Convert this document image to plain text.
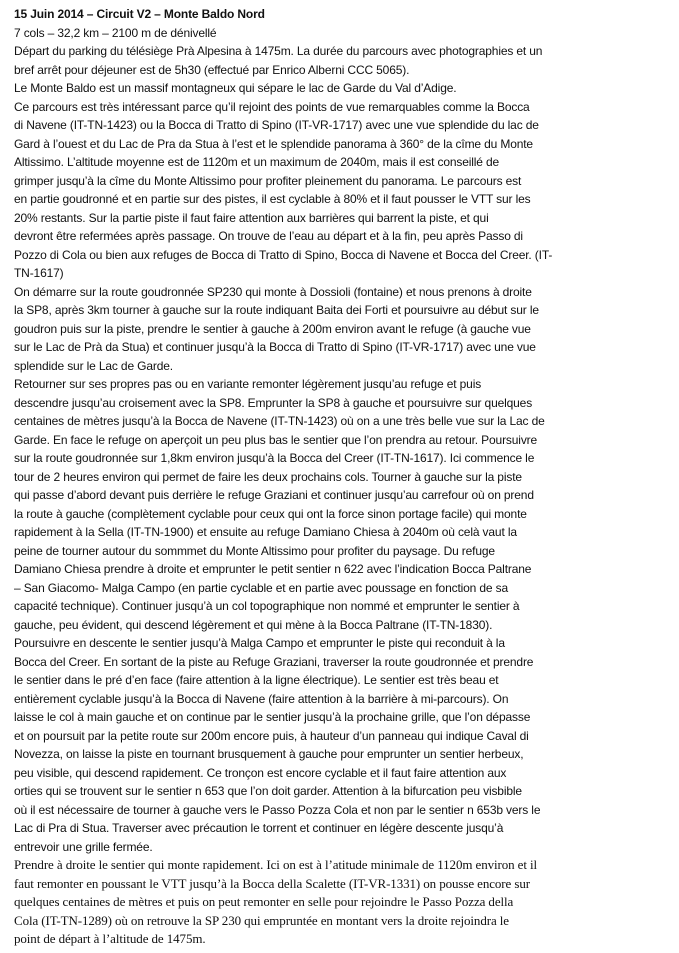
15 Juin 2014 – Circuit V2 – Monte Baldo Nord
7 cols – 32,2 km – 2100 m de dénivellé
Départ du parking du télésiège Prà Alpesina à 1475m. La durée du parcours avec photographies et un
bref arrêt pour déjeuner est de 5h30 (effectué par Enrico Alberni CCC 5065).
Le Monte Baldo est un massif montagneux qui sépare le lac de Garde du Val d’Adige.
Ce parcours est très intéressant parce qu’il rejoint des points de vue remarquables comme la Bocca
di Navene (IT-TN-1423) ou la Bocca di Tratto di Spino (IT-VR-1717) avec une vue splendide du lac de
Gard à l’ouest et du Lac de Pra da Stua à l’est et le splendide panorama à 360° de la cîme du Monte
Altissimo. L’altitude moyenne est de 1120m et un maximum de 2040m, mais il est conseillé de
grimper jusqu’à la cîme du Monte Altissimo pour profiter pleinement du panorama. Le parcours est
en partie goudronné et en partie sur des pistes, il est cyclable à 80% et il faut pousser le VTT sur les
20% restants. Sur la partie piste il faut faire attention aux barrières qui barrent la piste, et qui
devront être refermées après passage. On trouve de l’eau au départ et à la fin, peu après Passo di
Pozzo di Cola ou bien aux refuges de Bocca di Tratto di Spino, Bocca di Navene et Bocca del Creer. (IT-
TN-1617)
On démarre sur la route goudronnée SP230 qui monte à Dossioli (fontaine) et nous prenons à droite
la SP8, après 3km tourner à gauche sur la route indiquant Baita dei Forti et poursuivre au début sur le
goudron puis sur la piste, prendre le sentier à gauche à 200m environ avant le refuge (à gauche vue
sur le Lac de Prà da Stua) et continuer jusqu’à la Bocca di Tratto di Spino (IT-VR-1717) avec une vue
splendide sur le Lac de Garde.
Retourner sur ses propres pas ou en variante remonter légèrement jusqu’au refuge et puis
descendre jusqu’au croisement avec la SP8. Emprunter la SP8 à gauche et poursuivre sur quelques
centaines de mètres jusqu’à la Bocca de Navene (IT-TN-1423) où on a une très belle vue sur la Lac de
Garde. En face le refuge on aperçoit un peu plus bas le sentier que l’on prendra au retour. Poursuivre
sur la route goudronnée sur 1,8km environ jusqu’à la Bocca del Creer (IT-TN-1617). Ici commence le
tour de 2 heures environ qui permet de faire les deux prochains cols. Tourner à gauche sur la piste
qui passe d’abord devant puis derrière le refuge Graziani et continuer jusqu’au carrefour où on prend
la route à gauche (complètement cyclable pour ceux qui ont la force sinon portage facile) qui monte
rapidement à la Sella (IT-TN-1900) et ensuite au refuge Damiano Chiesa à 2040m où celà vaut la
peine de tourner autour du sommmet du Monte Altissimo pour profiter du paysage. Du refuge
Damiano Chiesa prendre à droite et emprunter le petit sentier n 622 avec l’indication Bocca Paltrane
– San Giacomo- Malga Campo (en partie cyclable et en partie avec poussage en fonction de sa
capacité technique). Continuer jusqu’à un col topographique non nommé et emprunter le sentier à
gauche, peu évident, qui descend légèrement et qui mène à la Bocca Paltrane (IT-TN-1830).
Poursuivre en descente le sentier jusqu’à Malga Campo et emprunter le piste qui reconduit à la
Bocca del Creer. En sortant de la piste au Refuge Graziani, traverser la route goudronnée et prendre
le sentier dans le pré d’en face (faire attention à la ligne électrique). Le sentier est très beau et
entièrement cyclable jusqu’à la Bocca di Navene (faire attention à la barrière à mi-parcours). On
laisse le col à main gauche et on continue par le sentier jusqu’à la prochaine grille, que l’on dépasse
et on poursuit par la petite route sur 200m encore puis, à hauteur d’un panneau qui indique Caval di
Novezza, on laisse la piste en tournant brusquement à gauche pour emprunter un sentier herbeux,
peu visible, qui descend rapidement. Ce tronçon est encore cyclable et il faut faire attention aux
orties qui se trouvent sur le sentier n 653 que l’on doit garder. Attention à la bifurcation peu visbible
où il est nécessaire de tourner à gauche vers le Passo Pozza Cola et non par le sentier n 653b vers le
Lac di Pra di Stua. Traverser avec précaution le torrent et continuer en légère descente jusqu’à
entrevoir une grille fermée.
Prendre à droite le sentier qui monte rapidement. Ici on est à l’atitude minimale de 1120m environ et il
faut remonter en poussant le VTT jusqu’à la Bocca della Scalette (IT-VR-1331) on pousse encore sur
quelques centaines de mètres et puis on peut remonter en selle pour rejoindre le Passo Pozza della
Cola (IT-TN-1289) où on retrouve la SP 230 qui empruntée en montant vers la droite rejoindra le
point de départ à l’altitude de 1475m.
